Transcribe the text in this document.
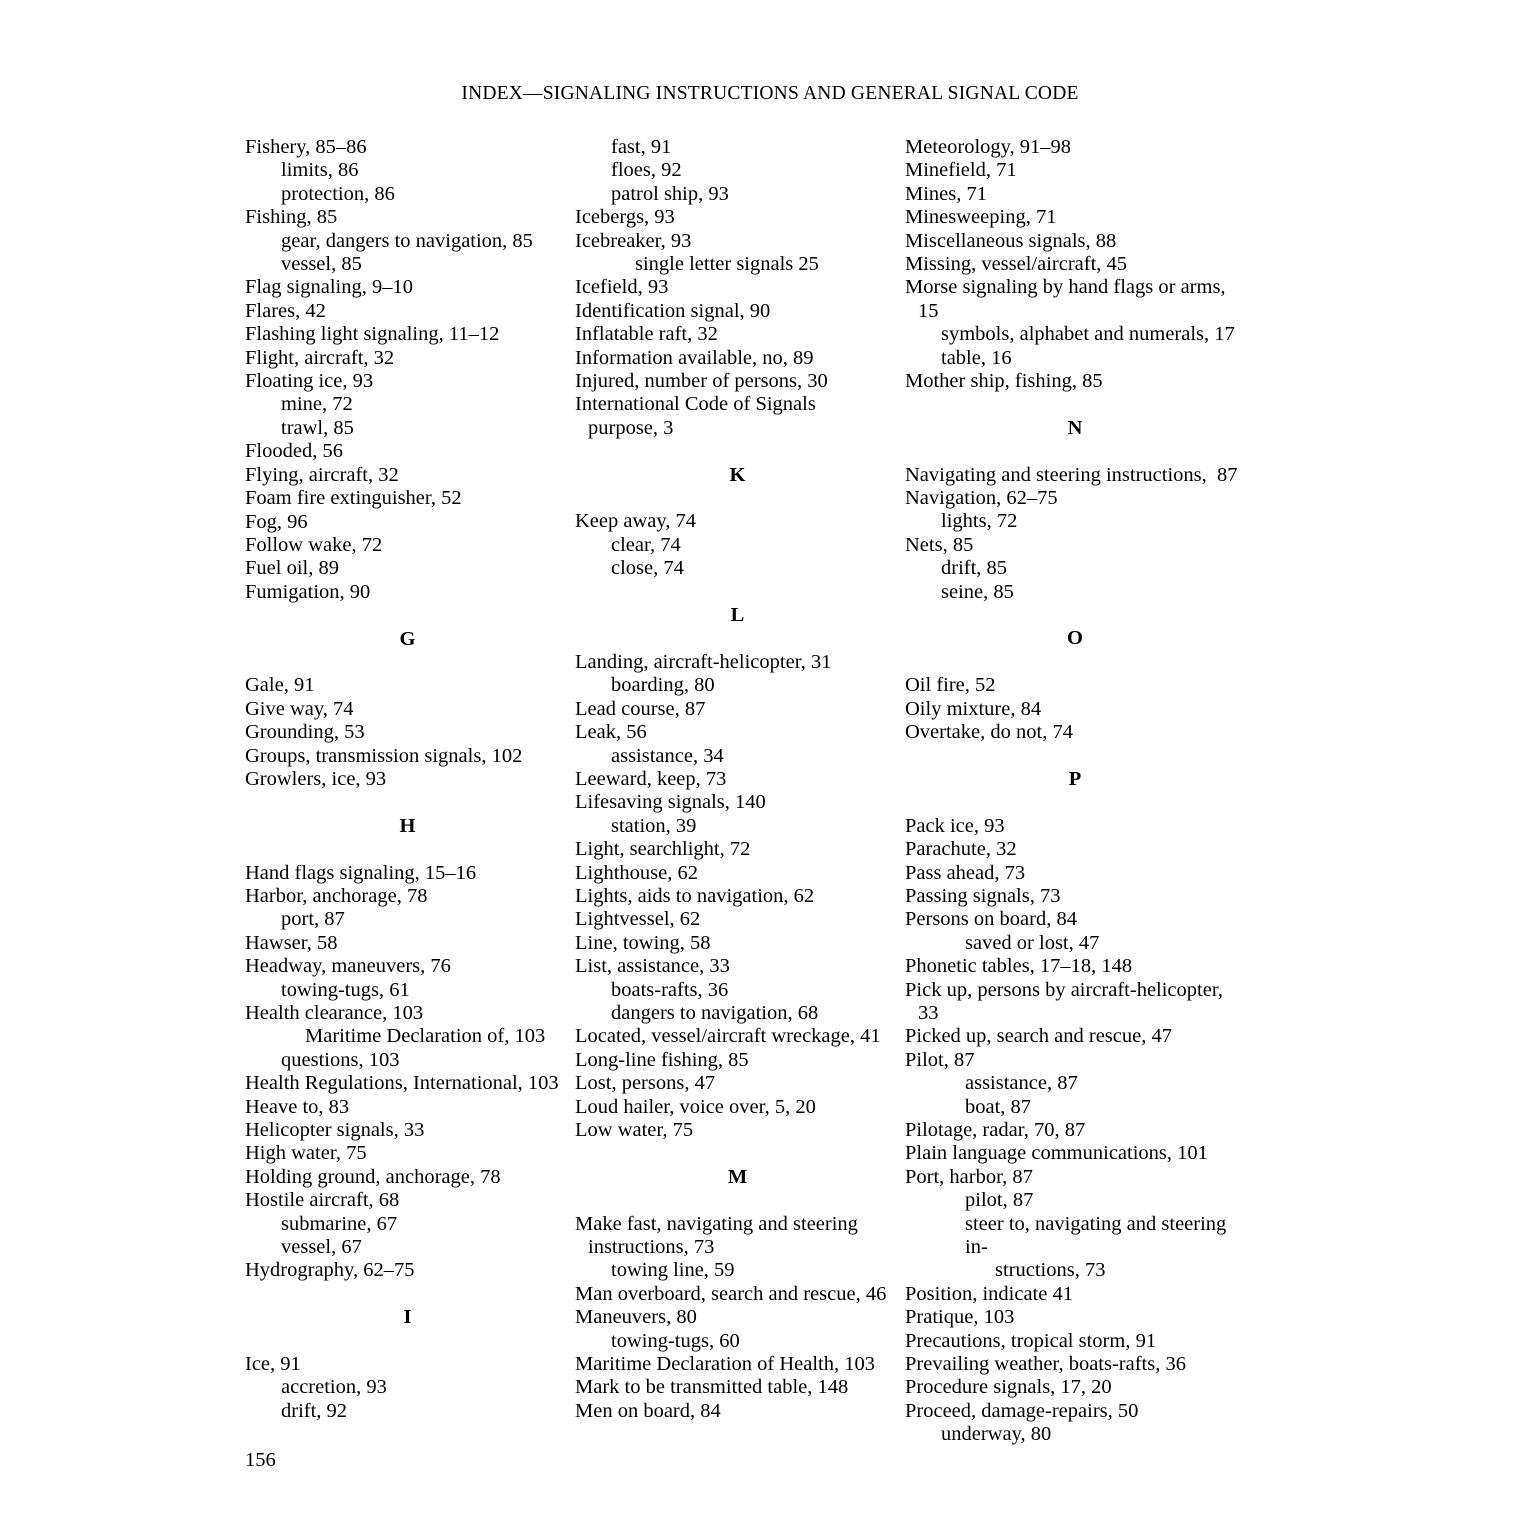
INDEX—SIGNALING INSTRUCTIONS AND GENERAL SIGNAL CODE
Fishery, 85–86
limits, 86
protection, 86
Fishing, 85
gear, dangers to navigation, 85
vessel, 85
Flag signaling, 9–10
Flares, 42
Flashing light signaling, 11–12
Flight, aircraft, 32
Floating ice, 93
mine, 72
trawl, 85
Flooded, 56
Flying, aircraft, 32
Foam fire extinguisher, 52
Fog, 96
Follow wake, 72
Fuel oil, 89
Fumigation, 90
G
Gale, 91
Give way, 74
Grounding, 53
Groups, transmission signals, 102
Growlers, ice, 93
H
Hand flags signaling, 15–16
Harbor, anchorage, 78
port, 87
Hawser, 58
Headway, maneuvers, 76
towing-tugs, 61
Health clearance, 103
Maritime Declaration of, 103
questions, 103
Health Regulations, International, 103
Heave to, 83
Helicopter signals, 33
High water, 75
Holding ground, anchorage, 78
Hostile aircraft, 68
submarine, 67
vessel, 67
Hydrography, 62–75
I
Ice, 91
accretion, 93
drift, 92
fast, 91
floes, 92
patrol ship, 93
Icebergs, 93
Icebreaker, 93
single letter signals 25
Icefield, 93
Identification signal, 90
Inflatable raft, 32
Information available, no, 89
Injured, number of persons, 30
International Code of Signals
purpose, 3
K
Keep away, 74
clear, 74
close, 74
L
Landing, aircraft-helicopter, 31
boarding, 80
Lead course, 87
Leak, 56
assistance, 34
Leeward, keep, 73
Lifesaving signals, 140
station, 39
Light, searchlight, 72
Lighthouse, 62
Lights, aids to navigation, 62
Lightvessel, 62
Line, towing, 58
List, assistance, 33
boats-rafts, 36
dangers to navigation, 68
Located, vessel/aircraft wreckage, 41
Long-line fishing, 85
Lost, persons, 47
Loud hailer, voice over, 5, 20
Low water, 75
M
Make fast, navigating and steering
instructions, 73
towing line, 59
Man overboard, search and rescue, 46
Maneuvers, 80
towing-tugs, 60
Maritime Declaration of Health, 103
Mark to be transmitted table, 148
Men on board, 84
Meteorology, 91–98
Minefield, 71
Mines, 71
Minesweeping, 71
Miscellaneous signals, 88
Missing, vessel/aircraft, 45
Morse signaling by hand flags or arms,
15
symbols, alphabet and numerals, 17
table, 16
Mother ship, fishing, 85
N
Navigating and steering instructions,  87
Navigation, 62–75
lights, 72
Nets, 85
drift, 85
seine, 85
O
Oil fire, 52
Oily mixture, 84
Overtake, do not, 74
P
Pack ice, 93
Parachute, 32
Pass ahead, 73
Passing signals, 73
Persons on board, 84
saved or lost, 47
Phonetic tables, 17–18, 148
Pick up, persons by aircraft-helicopter,
33
Picked up, search and rescue, 47
Pilot, 87
assistance, 87
boat, 87
Pilotage, radar, 70, 87
Plain language communications, 101
Port, harbor, 87
pilot, 87
steer to, navigating and steering in-
structions, 73
Position, indicate 41
Pratique, 103
Precautions, tropical storm, 91
Prevailing weather, boats-rafts, 36
Procedure signals, 17, 20
Proceed, damage-repairs, 50
underway, 80
156
